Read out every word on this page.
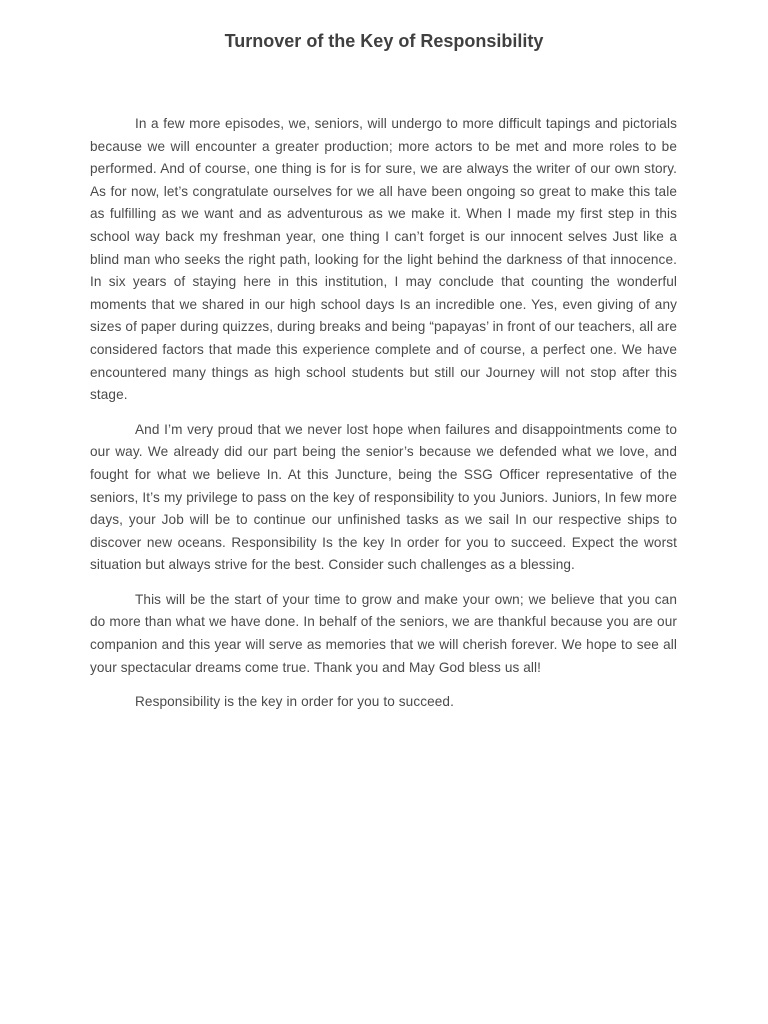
Turnover of the Key of Responsibility

In a few more episodes, we, seniors, will undergo to more difficult tapings and pictorials because we will encounter a greater production; more actors to be met and more roles to be performed. And of course, one thing is for is for sure, we are always the writer of our own story. As for now, let’s congratulate ourselves for we all have been ongoing so great to make this tale as fulfilling as we want and as adventurous as we make it. When I made my first step in this school way back my freshman year, one thing I can’t forget is our innocent selves Just like a blind man who seeks the right path, looking for the light behind the darkness of that innocence. In six years of staying here in this institution, I may conclude that counting the wonderful moments that we shared in our high school days Is an incredible one. Yes, even giving of any sizes of paper during quizzes, during breaks and being “papayas’ in front of our teachers, all are considered factors that made this experience complete and of course, a perfect one. We have encountered many things as high school students but still our Journey will not stop after this stage.

And I’m very proud that we never lost hope when failures and disappointments come to our way. We already did our part being the senior’s because we defended what we love, and fought for what we believe In. At this Juncture, being the SSG Officer representative of the seniors, It’s my privilege to pass on the key of responsibility to you Juniors. Juniors, In few more days, your Job will be to continue our unfinished tasks as we sail In our respective ships to discover new oceans. Responsibility Is the key In order for you to succeed. Expect the worst situation but always strive for the best. Consider such challenges as a blessing.

This will be the start of your time to grow and make your own; we believe that you can do more than what we have done. In behalf of the seniors, we are thankful because you are our companion and this year will serve as memories that we will cherish forever. We hope to see all your spectacular dreams come true. Thank you and May God bless us all!

Responsibility is the key in order for you to succeed.
